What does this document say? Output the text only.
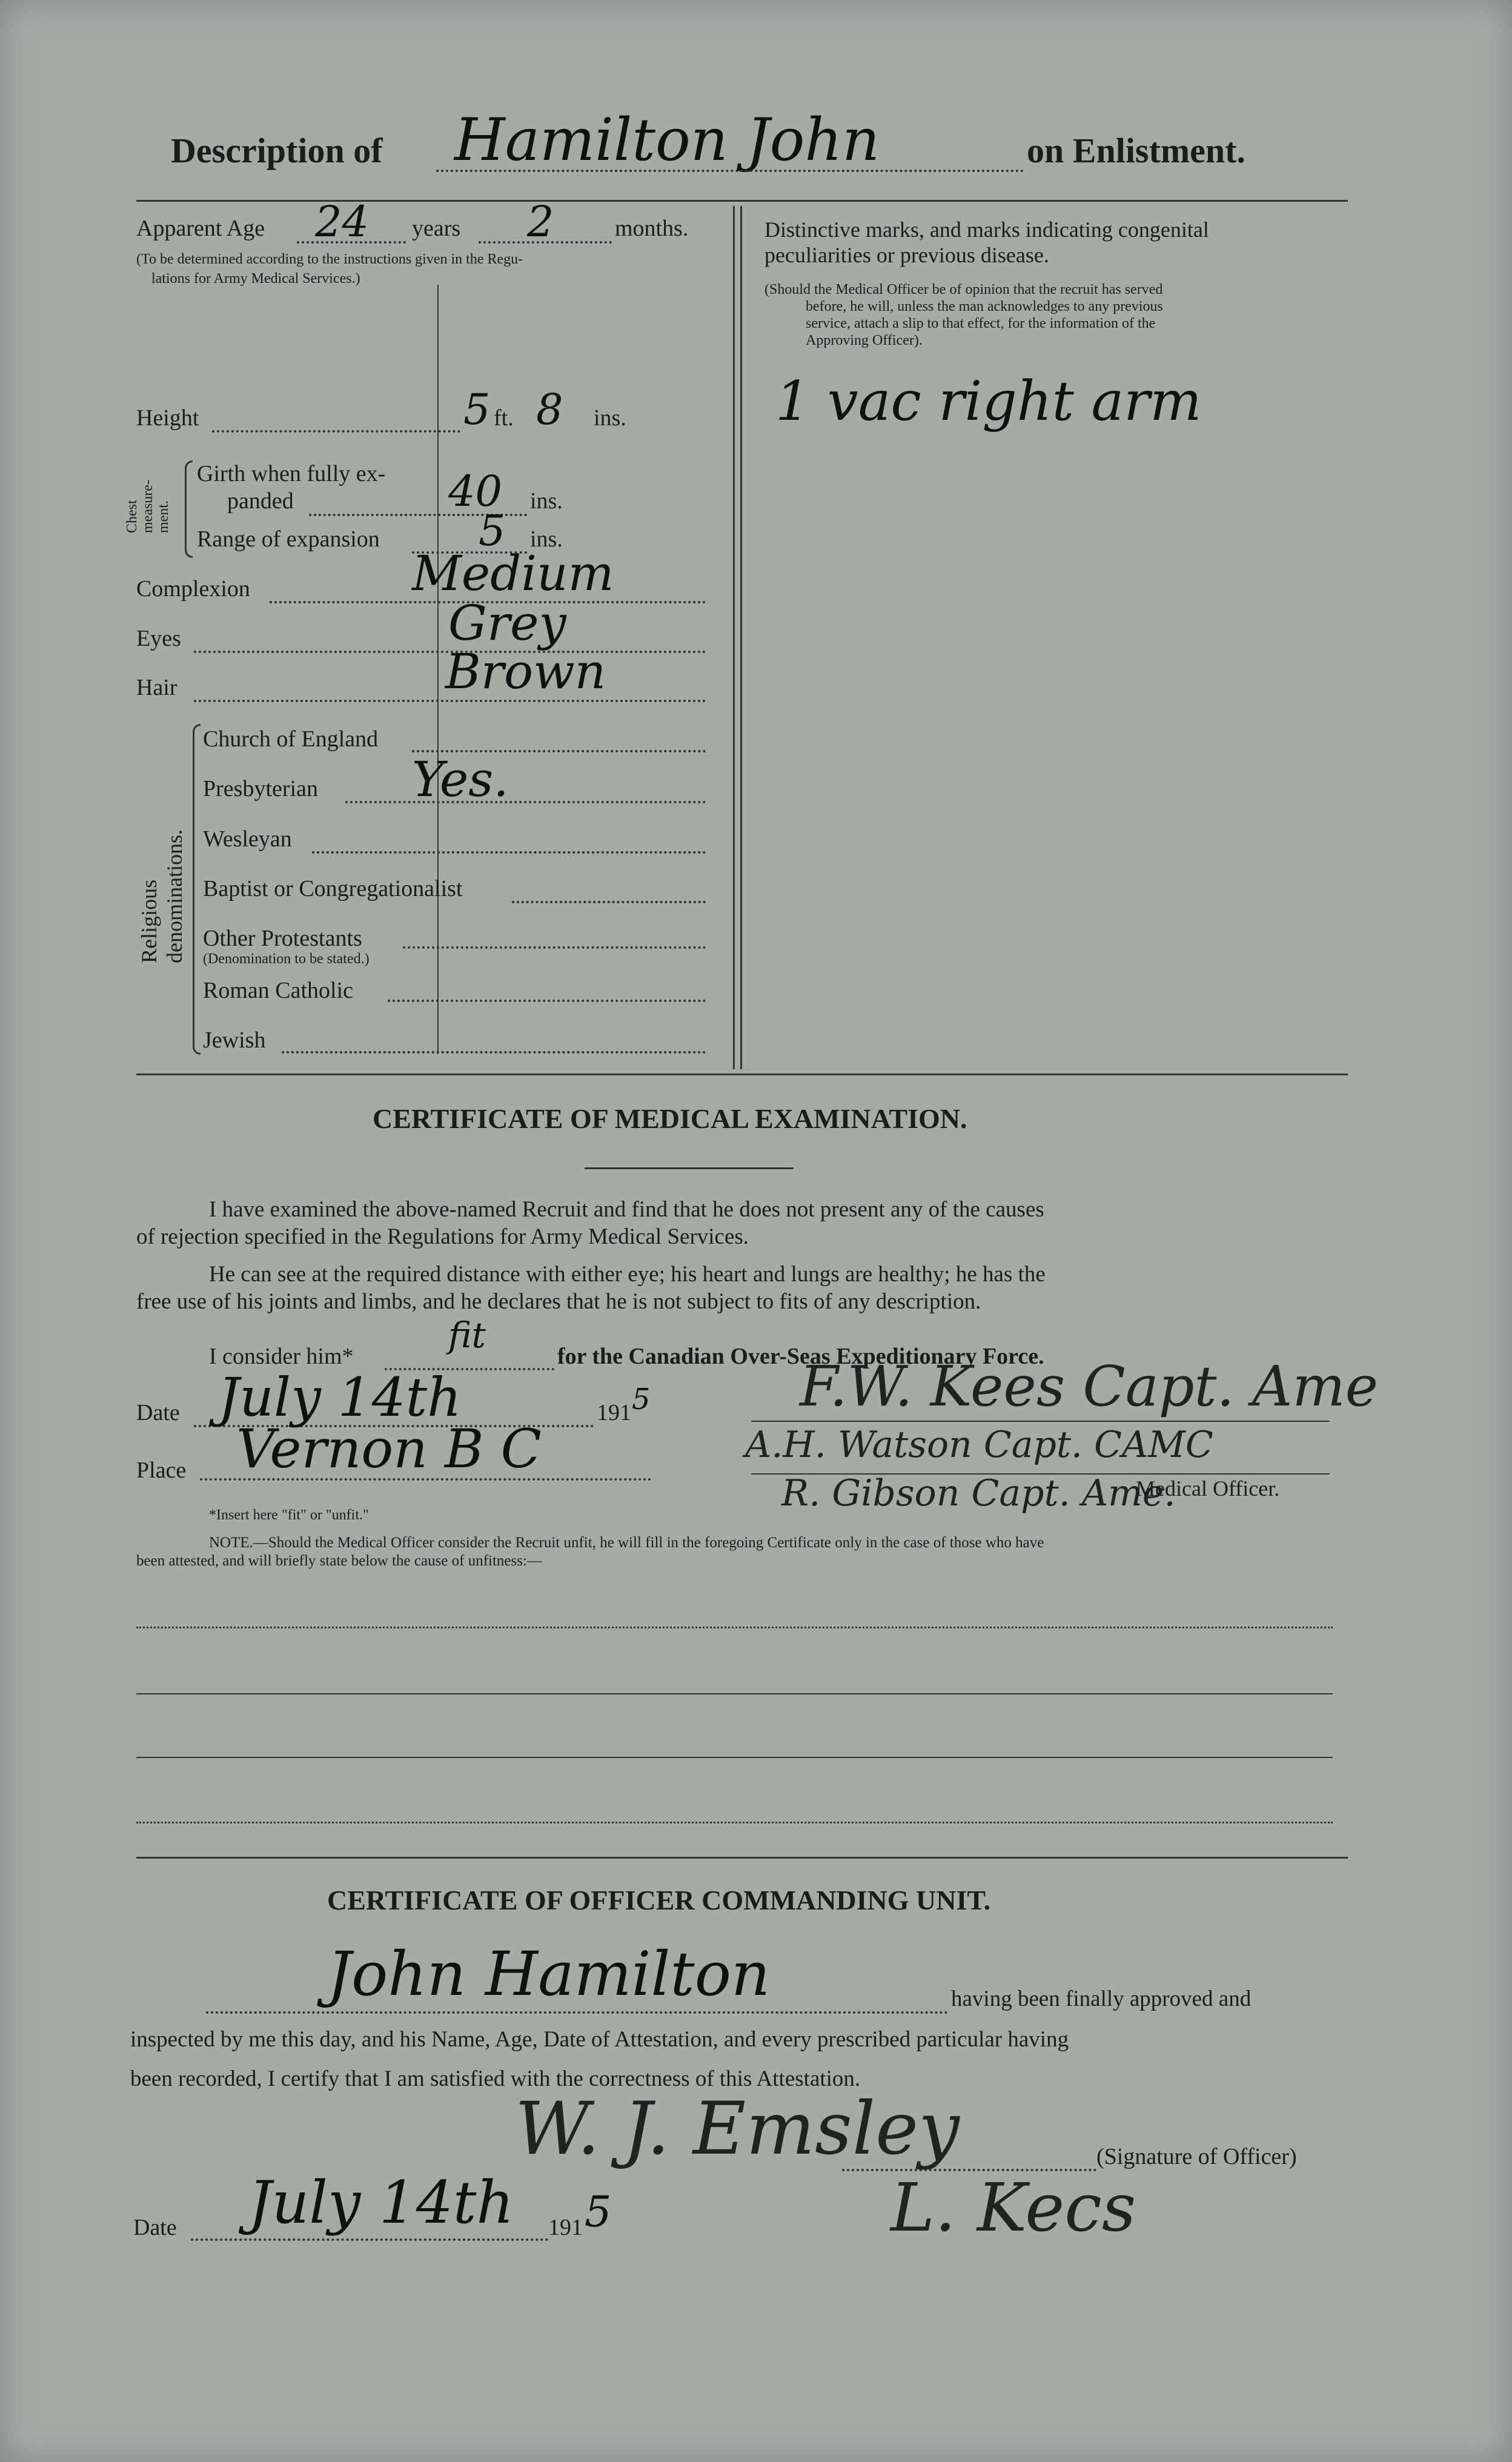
Description of Hamilton John	on Enlistment.
Apparent Age 24 years 2	months.
(To be determined according to the instructions given in the Regu-
lations for Army Medical Services.)
Height	5 ft. 8 ins.
Chest
measure-
ment.
Girth when fully ex-
panded	40 ins.
Range of expansion 5 ins.
Complexion	Medium
Eyes	Grey
Hair	Brown
Religious
denominations.
Church of England
Presbyterian Yes.
Wesleyan
Baptist or Congregationalist
Other Protestants
(Denomination to be stated.)
Roman Catholic
Jewish
Distinctive marks, and marks indicating congenital
peculiarities or previous disease.
(Should the Medical Officer be of opinion that the recruit has served
before, he will, unless the man acknowledges to any previous
service, attach a slip to that effect, for the information of the
Approving Officer).
1 vac right arm
CERTIFICATE OF MEDICAL EXAMINATION.
I have examined the above-named Recruit and find that he does not present any of the causes
of rejection specified in the Regulations for Army Medical Services.
He can see at the required distance with either eye; his heart and lungs are healthy; he has the
free use of his joints and limbs, and he declares that he is not subject to fits of any description.
I consider him*
fit
for the Canadian Over-Seas Expeditionary Force.
Date July 14th	191 5
Place Vernon B C
F.W. Kees Capt. Ame
A.H. Watson Capt. CAMC
R. Gibson Capt. Ame.
Medical Officer.
*Insert here "fit" or "unfit."
NOTE.—Should the Medical Officer consider the Recruit unfit, he will fill in the foregoing Certificate only in the case of those who have
been attested, and will briefly state below the cause of unfitness:—
CERTIFICATE OF OFFICER COMMANDING UNIT.
John Hamilton	having been finally approved and
inspected by me this day, and his Name, Age, Date of Attestation, and every prescribed particular having
been recorded, I certify that I am satisfied with the correctness of this Attestation.
W. J. Emsley	(Signature of Officer)
Date July 14th 191 5	L. Kecs
